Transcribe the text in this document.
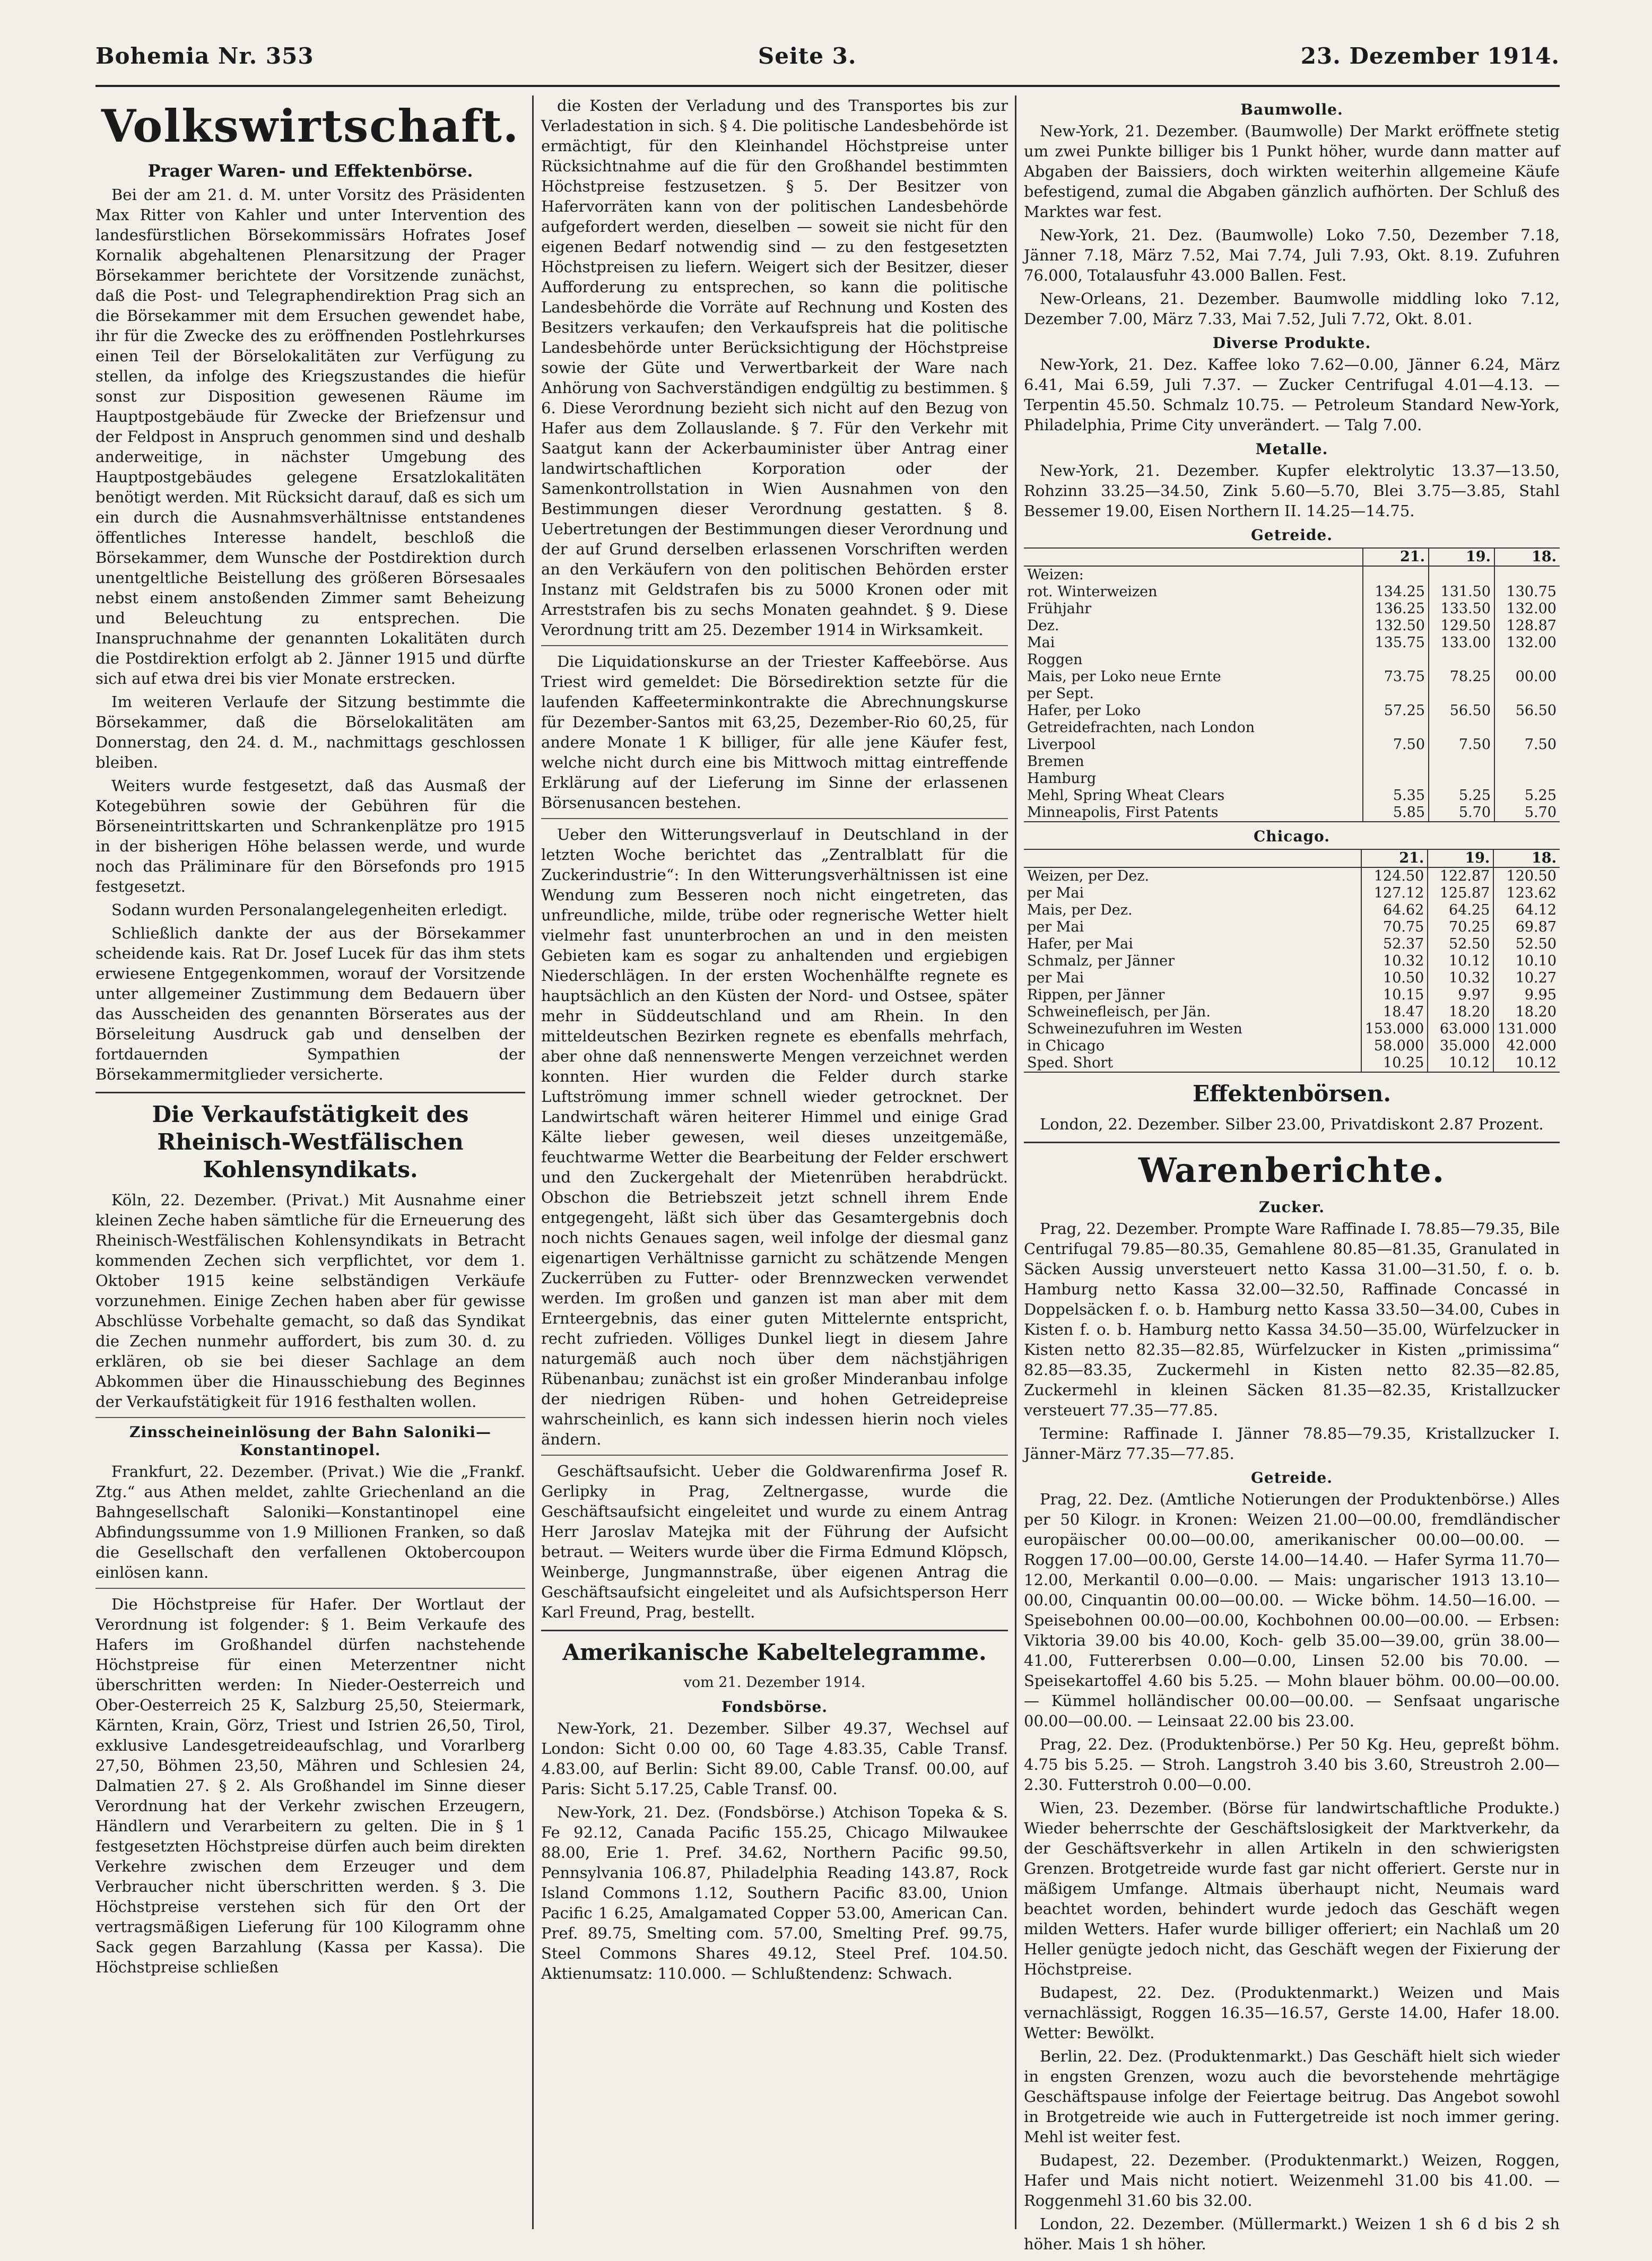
Bohemia Nr. 353	Seite 3.	23. Dezember 1914.
Volkswirtschaft.
Prager Waren- und Effektenbörse.

Bei der am 21. d. M. unter Vorsitz des Präsidenten Max Ritter von Kahler und unter Intervention des landesfürstlichen Börsekommissärs Hofrates Josef Kornalik abgehaltenen Plenarsitzung der Prager Börsekammer berichtete der Vorsitzende zunächst, daß die Post- und Telegraphendirektion Prag sich an die Börsekammer mit dem Ersuchen gewendet habe, ihr für die Zwecke des zu eröffnenden Postlehrkurses einen Teil der Börselokalitäten zur Verfügung zu stellen, da infolge des Kriegszustandes die hiefür sonst zur Disposition gewesenen Räume im Hauptpostgebäude für Zwecke der Briefzensur und der Feldpost in Anspruch genommen sind und deshalb anderweitige, in nächster Umgebung des Hauptpostgebäudes gelegene Ersatzlokalitäten benötigt werden. Mit Rücksicht darauf, daß es sich um ein durch die Ausnahmsverhältnisse entstandenes öffentliches Interesse handelt, beschloß die Börsekammer, dem Wunsche der Postdirektion durch unentgeltliche Beistellung des größeren Börsesaales nebst einem anstoßenden Zimmer samt Beheizung und Beleuchtung zu entsprechen. Die Inanspruchnahme der genannten Lokalitäten durch die Postdirektion erfolgt ab 2. Jänner 1915 und dürfte sich auf etwa drei bis vier Monate erstrecken.

Im weiteren Verlaufe der Sitzung bestimmte die Börsekammer, daß die Börselokalitäten am Donnerstag, den 24. d. M., nachmittags geschlossen bleiben.

Weiters wurde festgesetzt, daß das Ausmaß der Kotegebühren sowie der Gebühren für die Börseneintrittskarten und Schrankenplätze pro 1915 in der bisherigen Höhe belassen werde, und wurde noch das Präliminare für den Börsefonds pro 1915 festgesetzt.

Sodann wurden Personalangelegenheiten erledigt.

Schließlich dankte der aus der Börsekammer scheidende kais. Rat Dr. Josef Lucek für das ihm stets erwiesene Entgegenkommen, worauf der Vorsitzende unter allgemeiner Zustimmung dem Bedauern über das Ausscheiden des genannten Börserates aus der Börseleitung Ausdruck gab und denselben der fortdauernden Sympathien der Börsekammermitglieder versicherte.

Die Verkaufstätigkeit des Rheinisch-Westfälischen Kohlensyndikats.

Köln, 22. Dezember. (Privat.) Mit Ausnahme einer kleinen Zeche haben sämtliche für die Erneuerung des Rheinisch-Westfälischen Kohlensyndikats in Betracht kommenden Zechen sich verpflichtet, vor dem 1. Oktober 1915 keine selbständigen Verkäufe vorzunehmen. Einige Zechen haben aber für gewisse Abschlüsse Vorbehalte gemacht, so daß das Syndikat die Zechen nunmehr auffordert, bis zum 30. d. zu erklären, ob sie bei dieser Sachlage an dem Abkommen über die Hinausschiebung des Beginnes der Verkaufstätigkeit für 1916 festhalten wollen.

Zinsscheineinlösung der Bahn Saloniki—Konstantinopel.

Frankfurt, 22. Dezember. (Privat.) Wie die „Frankf. Ztg.“ aus Athen meldet, zahlte Griechenland an die Bahngesellschaft Saloniki—Konstantinopel eine Abfindungssumme von 1.9 Millionen Franken, so daß die Gesellschaft den verfallenen Oktobercoupon einlösen kann.

Die Höchstpreise für Hafer. Der Wortlaut der Verordnung ist folgender: § 1. Beim Verkaufe des Hafers im Großhandel dürfen nachstehende Höchstpreise für einen Meterzentner nicht überschritten werden: In Nieder-Oesterreich und Ober-Oesterreich 25 K, Salzburg 25,50, Steiermark, Kärnten, Krain, Görz, Triest und Istrien 26,50, Tirol, exklusive Landesgetreideaufschlag, und Vorarlberg 27,50, Böhmen 23,50, Mähren und Schlesien 24, Dalmatien 27. § 2. Als Großhandel im Sinne dieser Verordnung hat der Verkehr zwischen Erzeugern, Händlern und Verarbeitern zu gelten. Die in § 1 festgesetzten Höchstpreise dürfen auch beim direkten Verkehre zwischen dem Erzeuger und dem Verbraucher nicht überschritten werden. § 3. Die Höchstpreise verstehen sich für den Ort der vertragsmäßigen Lieferung für 100 Kilogramm ohne Sack gegen Barzahlung (Kassa per Kassa). Die Höchstpreise schließen

die Kosten der Verladung und des Transportes bis zur Verladestation in sich. § 4. Die politische Landesbehörde ist ermächtigt, für den Kleinhandel Höchstpreise unter Rücksichtnahme auf die für den Großhandel bestimmten Höchstpreise festzusetzen. § 5. Der Besitzer von Hafervorräten kann von der politischen Landesbehörde aufgefordert werden, dieselben — soweit sie nicht für den eigenen Bedarf notwendig sind — zu den festgesetzten Höchstpreisen zu liefern. Weigert sich der Besitzer, dieser Aufforderung zu entsprechen, so kann die politische Landesbehörde die Vorräte auf Rechnung und Kosten des Besitzers verkaufen; den Verkaufspreis hat die politische Landesbehörde unter Berücksichtigung der Höchstpreise sowie der Güte und Verwertbarkeit der Ware nach Anhörung von Sachverständigen endgültig zu bestimmen. § 6. Diese Verordnung bezieht sich nicht auf den Bezug von Hafer aus dem Zollauslande. § 7. Für den Verkehr mit Saatgut kann der Ackerbauminister über Antrag einer landwirtschaftlichen Korporation oder der Samenkontrollstation in Wien Ausnahmen von den Bestimmungen dieser Verordnung gestatten. § 8. Uebertretungen der Bestimmungen dieser Verordnung und der auf Grund derselben erlassenen Vorschriften werden an den Verkäufern von den politischen Behörden erster Instanz mit Geldstrafen bis zu 5000 Kronen oder mit Arreststrafen bis zu sechs Monaten geahndet. § 9. Diese Verordnung tritt am 25. Dezember 1914 in Wirksamkeit.

Die Liquidationskurse an der Triester Kaffeebörse. Aus Triest wird gemeldet: Die Börsedirektion setzte für die laufenden Kaffeeterminkontrakte die Abrechnungskurse für Dezember-Santos mit 63,25, Dezember-Rio 60,25, für andere Monate 1 K billiger, für alle jene Käufer fest, welche nicht durch eine bis Mittwoch mittag eintreffende Erklärung auf der Lieferung im Sinne der erlassenen Börsenusancen bestehen.

Ueber den Witterungsverlauf in Deutschland in der letzten Woche berichtet das „Zentralblatt für die Zuckerindustrie“: In den Witterungsverhältnissen ist eine Wendung zum Besseren noch nicht eingetreten, das unfreundliche, milde, trübe oder regnerische Wetter hielt vielmehr fast ununterbrochen an und in den meisten Gebieten kam es sogar zu anhaltenden und ergiebigen Niederschlägen. In der ersten Wochenhälfte regnete es hauptsächlich an den Küsten der Nord- und Ostsee, später mehr in Süddeutschland und am Rhein. In den mitteldeutschen Bezirken regnete es ebenfalls mehrfach, aber ohne daß nennenswerte Mengen verzeichnet werden konnten. Hier wurden die Felder durch starke Luftströmung immer schnell wieder getrocknet. Der Landwirtschaft wären heiterer Himmel und einige Grad Kälte lieber gewesen, weil dieses unzeitgemäße, feuchtwarme Wetter die Bearbeitung der Felder erschwert und den Zuckergehalt der Mietenrüben herabdrückt. Obschon die Betriebszeit jetzt schnell ihrem Ende entgegengeht, läßt sich über das Gesamtergebnis doch noch nichts Genaues sagen, weil infolge der diesmal ganz eigenartigen Verhältnisse garnicht zu schätzende Mengen Zuckerrüben zu Futter- oder Brennzwecken verwendet werden. Im großen und ganzen ist man aber mit dem Ernteergebnis, das einer guten Mittelernte entspricht, recht zufrieden. Völliges Dunkel liegt in diesem Jahre naturgemäß auch noch über dem nächstjährigen Rübenanbau; zunächst ist ein großer Minderanbau infolge der niedrigen Rüben- und hohen Getreidepreise wahrscheinlich, es kann sich indessen hierin noch vieles ändern.

Geschäftsaufsicht. Ueber die Goldwarenfirma Josef R. Gerlipky in Prag, Zeltnergasse, wurde die Geschäftsaufsicht eingeleitet und wurde zu einem Antrag Herr Jaroslav Matejka mit der Führung der Aufsicht betraut. — Weiters wurde über die Firma Edmund Klöpsch, Weinberge, Jungmannstraße, über eigenen Antrag die Geschäftsaufsicht eingeleitet und als Aufsichtsperson Herr Karl Freund, Prag, bestellt.

Amerikanische Kabeltelegramme.
vom 21. Dezember 1914.
Fondsbörse.

New-York, 21. Dezember. Silber 49.37, Wechsel auf London: Sicht 0.00 00, 60 Tage 4.83.35, Cable Transf. 4.83.00, auf Berlin: Sicht 89.00, Cable Transf. 00.00, auf Paris: Sicht 5.17.25, Cable Transf. 00.

New-York, 21. Dez. (Fondsbörse.) Atchison Topeka & S. Fe 92.12, Canada Pacific 155.25, Chicago Milwaukee 88.00, Erie 1. Pref. 34.62, Northern Pacific 99.50, Pennsylvania 106.87, Philadelphia Reading 143.87, Rock Island Commons 1.12, Southern Pacific 83.00, Union Pacific 1 6.25, Amalgamated Copper 53.00, American Can. Pref. 89.75, Smelting com. 57.00, Smelting Pref. 99.75, Steel Commons Shares 49.12, Steel Pref. 104.50. Aktienumsatz: 110.000. — Schlußtendenz: Schwach.

Baumwolle.

New-York, 21. Dezember. (Baumwolle) Der Markt eröffnete stetig um zwei Punkte billiger bis 1 Punkt höher, wurde dann matter auf Abgaben der Baissiers, doch wirkten weiterhin allgemeine Käufe befestigend, zumal die Abgaben gänzlich aufhörten. Der Schluß des Marktes war fest.

New-York, 21. Dez. (Baumwolle) Loko 7.50, Dezember 7.18, Jänner 7.18, März 7.52, Mai 7.74, Juli 7.93, Okt. 8.19. Zufuhren 76.000, Totalausfuhr 43.000 Ballen. Fest.

New-Orleans, 21. Dezember. Baumwolle middling loko 7.12, Dezember 7.00, März 7.33, Mai 7.52, Juli 7.72, Okt. 8.01.

Diverse Produkte.

New-York, 21. Dez. Kaffee loko 7.62—0.00, Jänner 6.24, März 6.41, Mai 6.59, Juli 7.37. — Zucker Centrifugal 4.01—4.13. — Terpentin 45.50. Schmalz 10.75. — Petroleum Standard New-York, Philadelphia, Prime City unverändert. — Talg 7.00.

Metalle.

New-York, 21. Dezember. Kupfer elektrolytic 13.37—13.50, Rohzinn 33.25—34.50, Zink 5.60—5.70, Blei 3.75—3.85, Stahl Bessemer 19.00, Eisen Northern II. 14.25—14.75.

Getreide.
	21.	19.	18.
Weizen:			
rot. Winterweizen	134.25	131.50	130.75
Frühjahr	136.25	133.50	132.00
Dez.	132.50	129.50	128.87
Mai	135.75	133.00	132.00
Roggen			
Mais, per Loko neue Ernte	73.75	78.25	00.00
per Sept.			
Hafer, per Loko	57.25	56.50	56.50
Getreidefrachten, nach London			
Liverpool	7.50	7.50	7.50
Bremen			
Hamburg			
Mehl, Spring Wheat Clears	5.35	5.25	5.25
Minneapolis, First Patents	5.85	5.70	5.70
Chicago.
	21.	19.	18.
Weizen, per Dez.	124.50	122.87	120.50
per Mai	127.12	125.87	123.62
Mais, per Dez.	64.62	64.25	64.12
per Mai	70.75	70.25	69.87
Hafer, per Mai	52.37	52.50	52.50
Schmalz, per Jänner	10.32	10.12	10.10
per Mai	10.50	10.32	10.27
Rippen, per Jänner	10.15	9.97	9.95
Schweinefleisch, per Jän.	18.47	18.20	18.20
Schweinezufuhren im Westen	153.000	63.000	131.000
in Chicago	58.000	35.000	42.000
Sped. Short	10.25	10.12	10.12
Effektenbörsen.

London, 22. Dezember. Silber 23.00, Privatdiskont 2.87 Prozent.

Warenberichte.
Zucker.

Prag, 22. Dezember. Prompte Ware Raffinade I. 78.85—79.35, Bile Centrifugal 79.85—80.35, Gemahlene 80.85—81.35, Granulated in Säcken Aussig unversteuert netto Kassa 31.00—31.50, f. o. b. Hamburg netto Kassa 32.00—32.50, Raffinade Concassé in Doppelsäcken f. o. b. Hamburg netto Kassa 33.50—34.00, Cubes in Kisten f. o. b. Hamburg netto Kassa 34.50—35.00, Würfelzucker in Kisten netto 82.35—82.85, Würfelzucker in Kisten „primissima“ 82.85—83.35, Zuckermehl in Kisten netto 82.35—82.85, Zuckermehl in kleinen Säcken 81.35—82.35, Kristallzucker versteuert 77.35—77.85.

Termine: Raffinade I. Jänner 78.85—79.35, Kristallzucker I. Jänner-März 77.35—77.85.

Getreide.

Prag, 22. Dez. (Amtliche Notierungen der Produktenbörse.) Alles per 50 Kilogr. in Kronen: Weizen 21.00—00.00, fremdländischer europäischer 00.00—00.00, amerikanischer 00.00—00.00. — Roggen 17.00—00.00, Gerste 14.00—14.40. — Hafer Syrma 11.70—12.00, Merkantil 0.00—0.00. — Mais: ungarischer 1913 13.10—00.00, Cinquantin 00.00—00.00. — Wicke böhm. 14.50—16.00. — Speisebohnen 00.00—00.00, Kochbohnen 00.00—00.00. — Erbsen: Viktoria 39.00 bis 40.00, Koch- gelb 35.00—39.00, grün 38.00—41.00, Futtererbsen 0.00—0.00, Linsen 52.00 bis 70.00. — Speisekartoffel 4.60 bis 5.25. — Mohn blauer böhm. 00.00—00.00. — Kümmel holländischer 00.00—00.00. — Senfsaat ungarische 00.00—00.00. — Leinsaat 22.00 bis 23.00.

Prag, 22. Dez. (Produktenbörse.) Per 50 Kg. Heu, gepreßt böhm. 4.75 bis 5.25. — Stroh. Langstroh 3.40 bis 3.60, Streustroh 2.00—2.30. Futterstroh 0.00—0.00.

Wien, 23. Dezember. (Börse für landwirtschaftliche Produkte.) Wieder beherrschte der Geschäftslosigkeit der Marktverkehr, da der Geschäftsverkehr in allen Artikeln in den schwierigsten Grenzen. Brotgetreide wurde fast gar nicht offeriert. Gerste nur in mäßigem Umfange. Altmais überhaupt nicht, Neumais ward beachtet worden, behindert wurde jedoch das Geschäft wegen milden Wetters. Hafer wurde billiger offeriert; ein Nachlaß um 20 Heller genügte jedoch nicht, das Geschäft wegen der Fixierung der Höchstpreise.

Budapest, 22. Dez. (Produktenmarkt.) Weizen und Mais vernachlässigt, Roggen 16.35—16.57, Gerste 14.00, Hafer 18.00. Wetter: Bewölkt.

Berlin, 22. Dez. (Produktenmarkt.) Das Geschäft hielt sich wieder in engsten Grenzen, wozu auch die bevorstehende mehrtägige Geschäftspause infolge der Feiertage beitrug. Das Angebot sowohl in Brotgetreide wie auch in Futtergetreide ist noch immer gering. Mehl ist weiter fest.

Budapest, 22. Dezember. (Produktenmarkt.) Weizen, Roggen, Hafer und Mais nicht notiert. Weizenmehl 31.00 bis 41.00. — Roggenmehl 31.60 bis 32.00.

London, 22. Dezember. (Müllermarkt.) Weizen 1 sh 6 d bis 2 sh höher. Mais 1 sh höher.
